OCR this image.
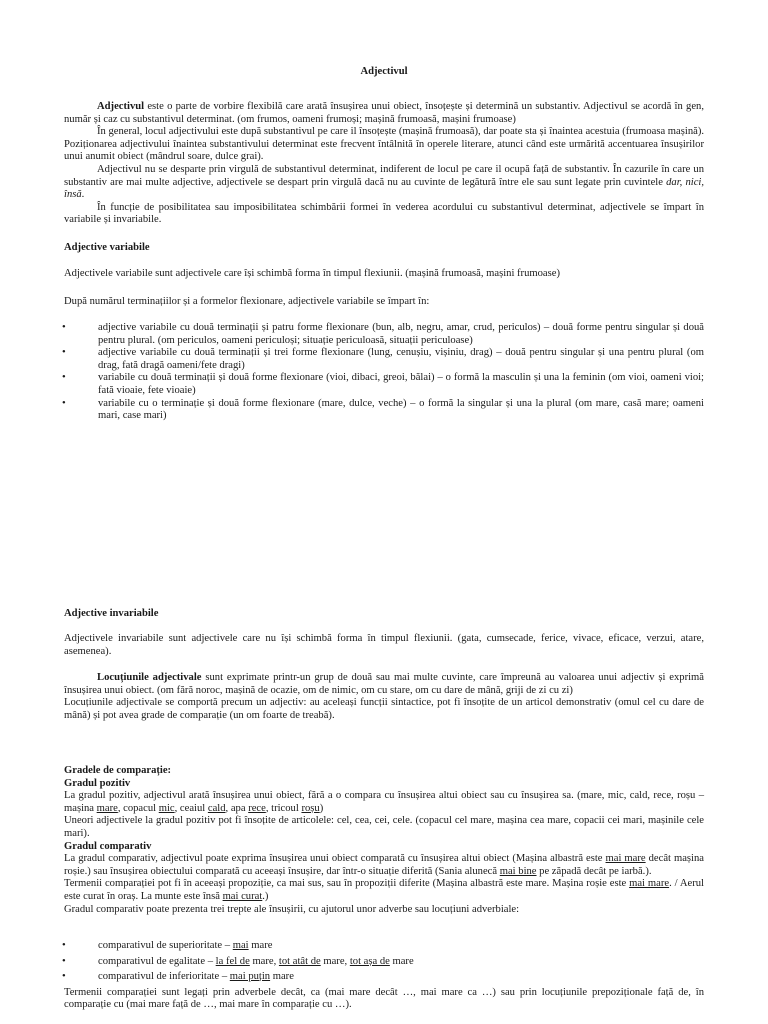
Adjectivul

Adjectivul este o parte de vorbire flexibilă care arată însușirea unui obiect, însoțește și determină un substantiv. Adjectivul se acordă în gen, număr și caz cu substantivul determinat. (om frumos, oameni frumoși; mașină frumoasă, mașini frumoase)

În general, locul adjectivului este după substantivul pe care il însoțește (mașină frumoasă), dar poate sta și înaintea acestuia (frumoasa mașină). Poziționarea adjectivului înaintea substantivului determinat este frecvent întâlnită în operele literare, atunci când este urmărită accentuarea însușirilor unui anumit obiect (mândrul soare, dulce grai).

Adjectivul nu se desparte prin virgulă de substantivul determinat, indiferent de locul pe care il ocupă față de substantiv. În cazurile în care un substantiv are mai multe adjective, adjectivele se despart prin virgulă dacă nu au cuvinte de legătură între ele sau sunt legate prin cuvintele dar, nici, însă.

În funcție de posibilitatea sau imposibilitatea schimbării formei în vederea acordului cu substantivul determinat, adjectivele se împart în variabile și invariabile.

Adjective variabile

Adjectivele variabile sunt adjectivele care își schimbă forma în timpul flexiunii. (mașină frumoasă, mașini frumoase)

După numărul terminațiilor și a formelor flexionare, adjectivele variabile se împart în:

•	adjective variabile cu două terminații și patru forme flexionare (bun, alb, negru, amar, crud, periculos) – două forme pentru singular și două pentru plural. (om periculos, oameni periculoși; situație periculoasă, situații periculoase)
•	adjective variabile cu două terminații și trei forme flexionare (lung, cenușiu, vișiniu, drag) – două pentru singular și una pentru plural (om drag, fată dragă oameni/fete dragi)
•	variabile cu două terminații și două forme flexionare (vioi, dibaci, greoi, bălai) – o formă la masculin și una la feminin (om vioi, oameni vioi; fată vioaie, fete vioaie)
•	variabile cu o terminație și două forme flexionare (mare, dulce, veche) – o formă la singular și una la plural (om mare, casă mare; oameni mari, case mari)

Adjective invariabile

Adjectivele invariabile sunt adjectivele care nu își schimbă forma în timpul flexiunii. (gata, cumsecade, ferice, vivace, eficace, verzui, atare, asemenea).

Locuțiunile adjectivale sunt exprimate printr-un grup de două sau mai multe cuvinte, care împreună au valoarea unui adjectiv și exprimă însușirea unui obiect. (om fără noroc, mașină de ocazie, om de nimic, om cu stare, om cu dare de mână, griji de zi cu zi)

Locuțiunile adjectivale se comportă precum un adjectiv: au aceleași funcții sintactice, pot fi însoțite de un articol demonstrativ (omul cel cu dare de mână) și pot avea grade de comparație (un om foarte de treabă).

Gradele de comparație:

Gradul pozitiv

La gradul pozitiv, adjectivul arată însușirea unui obiect, fără a o compara cu însușirea altui obiect sau cu însușirea sa. (mare, mic, cald, rece, roșu – mașina mare, copacul mic, ceaiul cald, apa rece, tricoul roșu)

Uneori adjectivele la gradul pozitiv pot fi însoțite de articolele: cel, cea, cei, cele. (copacul cel mare, mașina cea mare, copacii cei mari, mașinile cele mari).

Gradul comparativ

La gradul comparativ, adjectivul poate exprima însușirea unui obiect comparată cu însușirea altui obiect (Mașina albastră este mai mare decât mașina roșie.) sau însușirea obiectului comparată cu aceeași însușire, dar într-o situație diferită (Sania alunecă mai bine pe zăpadă decât pe iarbă.).

Termenii comparației pot fi în aceeași propoziție, ca mai sus, sau în propoziții diferite (Mașina albastră este mare. Mașina roșie este mai mare. / Aerul este curat în oraș. La munte este însă mai curat.)

Gradul comparativ poate prezenta trei trepte ale însușirii, cu ajutorul unor adverbe sau locuțiuni adverbiale:

•	comparativul de superioritate – mai mare
•	comparativul de egalitate – la fel de mare, tot atât de mare, tot așa de mare
•	comparativul de inferioritate – mai puțin mare

Termenii comparației sunt legați prin adverbele decât, ca (mai mare decât …, mai mare ca …) sau prin locuțiunile prepoziționale față de, în comparație cu (mai mare față de …, mai mare în comparație cu …).
